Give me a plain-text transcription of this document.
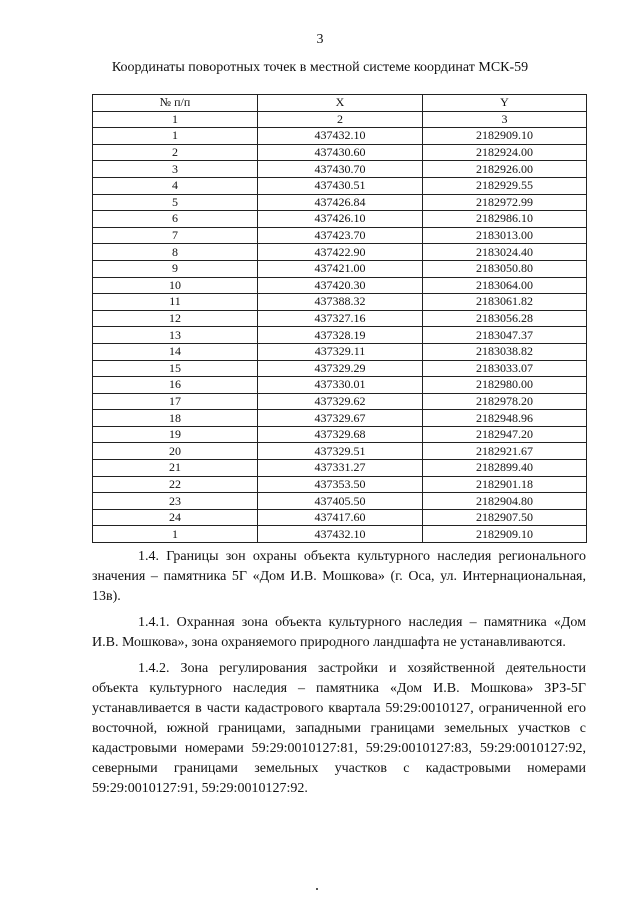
3
Координаты поворотных точек в местной системе координат МСК-59
№ п/п	X	Y
1	2	3
1	437432.10	2182909.10
2	437430.60	2182924.00
3	437430.70	2182926.00
4	437430.51	2182929.55
5	437426.84	2182972.99
6	437426.10	2182986.10
7	437423.70	2183013.00
8	437422.90	2183024.40
9	437421.00	2183050.80
10	437420.30	2183064.00
11	437388.32	2183061.82
12	437327.16	2183056.28
13	437328.19	2183047.37
14	437329.11	2183038.82
15	437329.29	2183033.07
16	437330.01	2182980.00
17	437329.62	2182978.20
18	437329.67	2182948.96
19	437329.68	2182947.20
20	437329.51	2182921.67
21	437331.27	2182899.40
22	437353.50	2182901.18
23	437405.50	2182904.80
24	437417.60	2182907.50
1	437432.10	2182909.10

1.4. Границы зон охраны объекта культурного наследия регионального значения – памятника 5Г «Дом И.В. Мошкова» (г. Оса, ул. Интернациональная, 13в).

1.4.1. Охранная зона объекта культурного наследия – памятника «Дом И.В. Мошкова», зона охраняемого природного ландшафта не устанавливаются.

1.4.2. Зона регулирования застройки и хозяйственной деятельности объекта культурного наследия – памятника «Дом И.В. Мошкова» ЗРЗ-5Г устанавливается в части кадастрового квартала 59:29:0010127, ограниченной его восточной, южной границами, западными границами земельных участков с кадастровыми номерами 59:29:0010127:81, 59:29:0010127:83, 59:29:0010127:92, северными границами земельных участков с кадастровыми номерами 59:29:0010127:91, 59:29:0010127:92.
